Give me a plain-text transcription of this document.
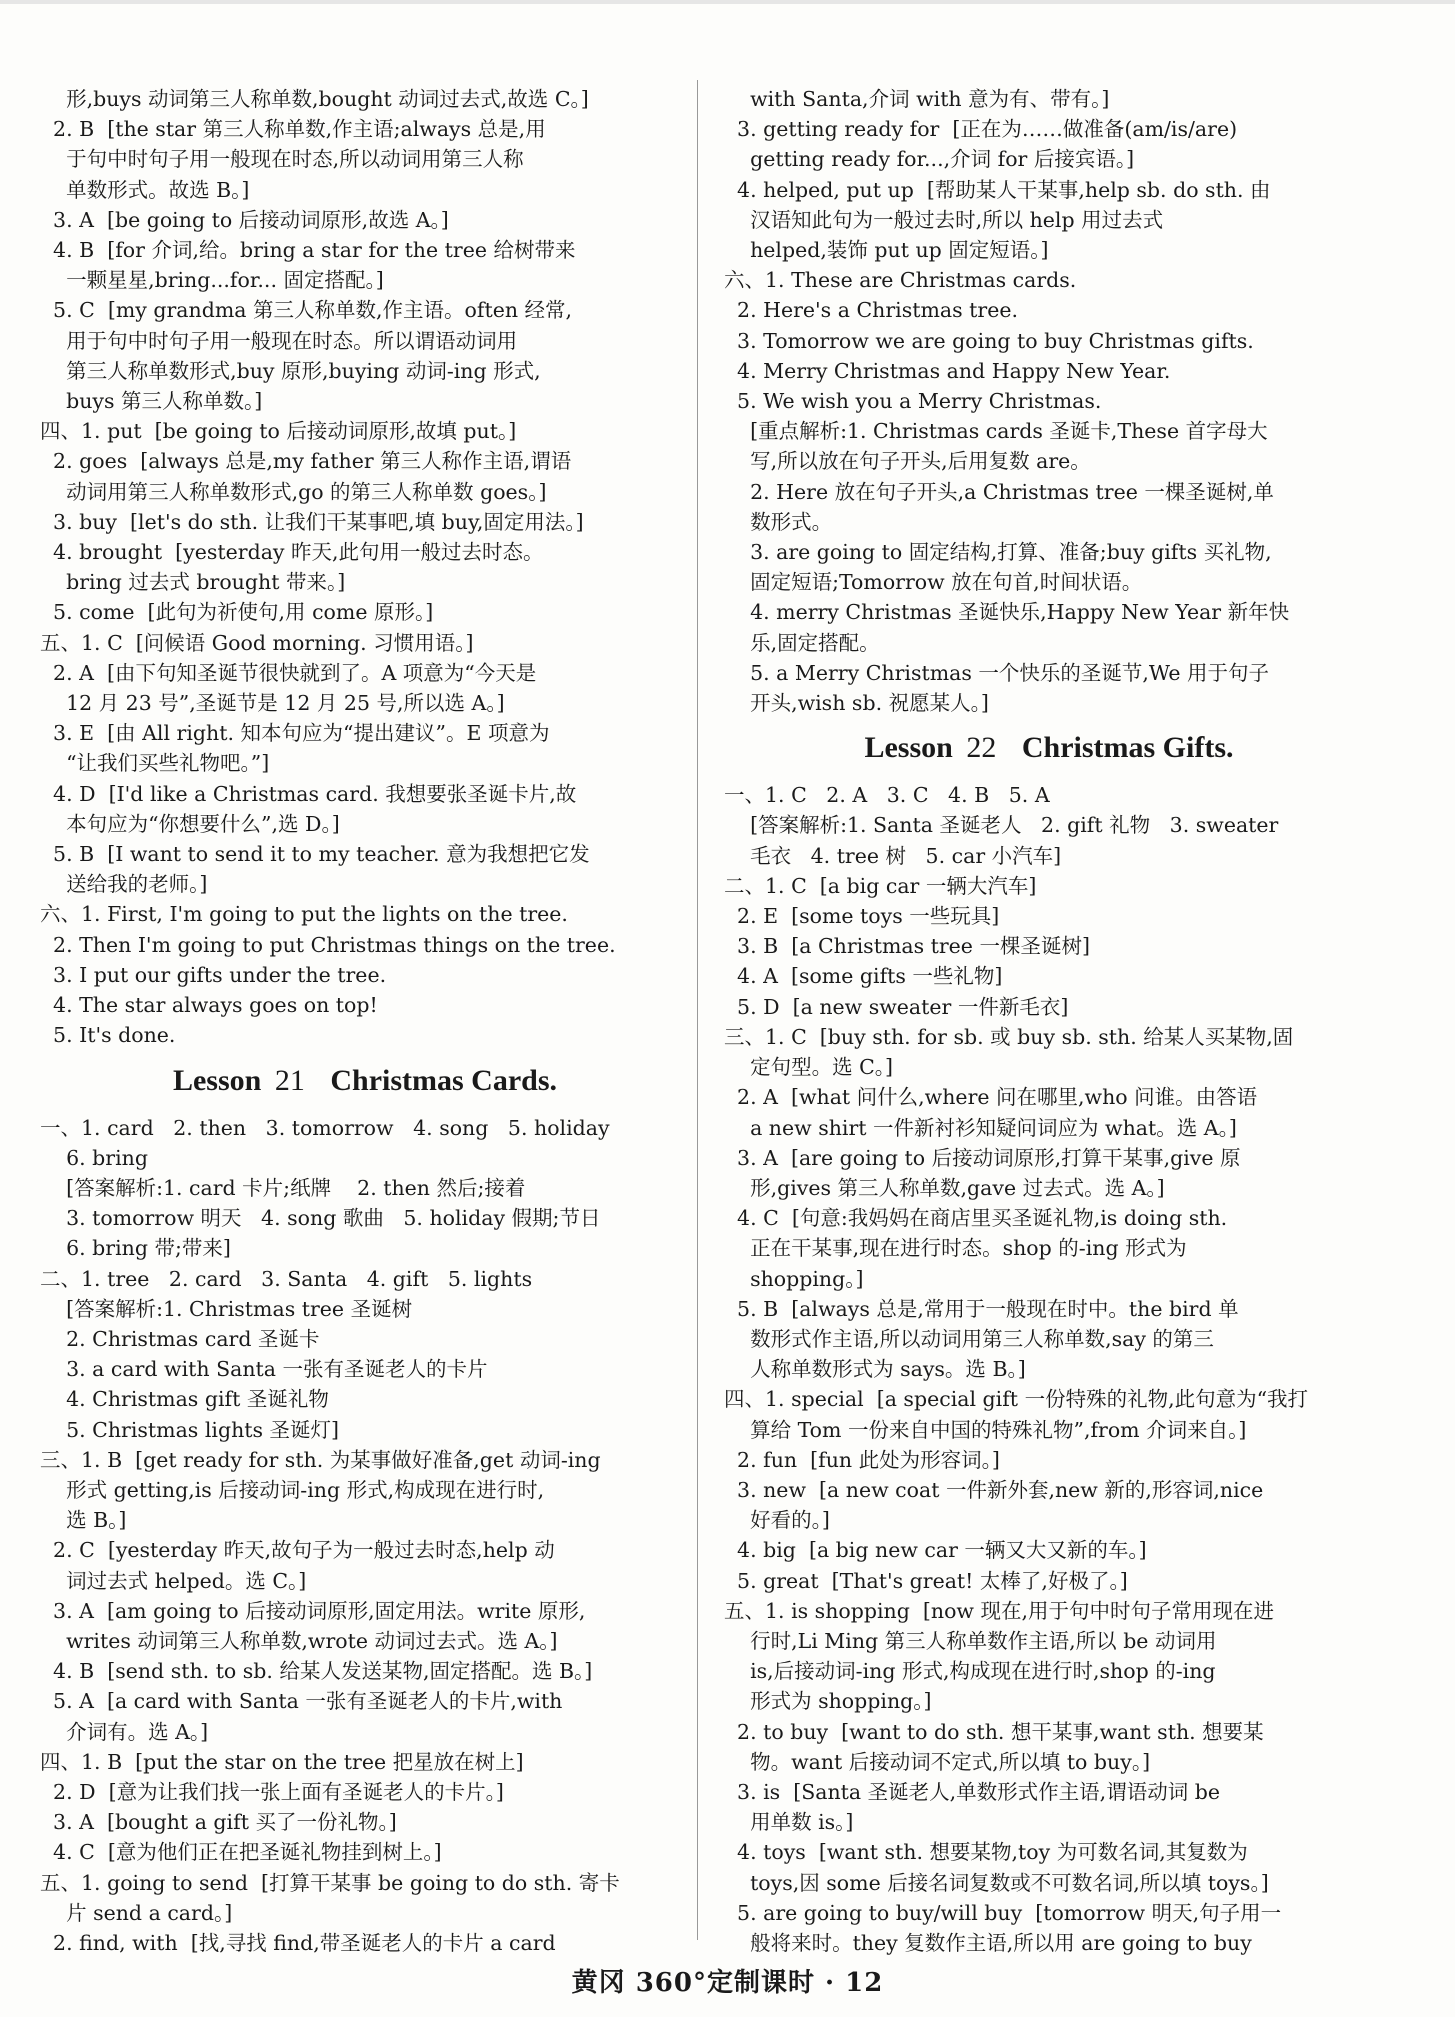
形,buys 动词第三人称单数,bought 动词过去式,故选 C。]
2. B  [the star 第三人称单数,作主语;always 总是,用
于句中时句子用一般现在时态,所以动词用第三人称
单数形式。故选 B。]
3. A  [be going to 后接动词原形,故选 A。]
4. B  [for 介词,给。bring a star for the tree 给树带来
一颗星星,bring...for... 固定搭配。]
5. C  [my grandma 第三人称单数,作主语。often 经常,
用于句中时句子用一般现在时态。所以谓语动词用
第三人称单数形式,buy 原形,buying 动词-ing 形式,
buys 第三人称单数。]
四、1. put  [be going to 后接动词原形,故填 put。]
2. goes  [always 总是,my father 第三人称作主语,谓语
动词用第三人称单数形式,go 的第三人称单数 goes。]
3. buy  [let's do sth. 让我们干某事吧,填 buy,固定用法。]
4. brought  [yesterday 昨天,此句用一般过去时态。
bring 过去式 brought 带来。]
5. come  [此句为祈使句,用 come 原形。]
五、1. C  [问候语 Good morning. 习惯用语。]
2. A  [由下句知圣诞节很快就到了。A 项意为“今天是
12 月 23 号”,圣诞节是 12 月 25 号,所以选 A。]
3. E  [由 All right. 知本句应为“提出建议”。E 项意为
“让我们买些礼物吧。”]
4. D  [I'd like a Christmas card. 我想要张圣诞卡片,故
本句应为“你想要什么”,选 D。]
5. B  [I want to send it to my teacher. 意为我想把它发
送给我的老师。]
六、1. First, I'm going to put the lights on the tree.
2. Then I'm going to put Christmas things on the tree.
3. I put our gifts under the tree.
4. The star always goes on top!
5. It's done.
Lesson 21 Christmas Cards.
一、1. card   2. then   3. tomorrow   4. song   5. holiday
6. bring
[答案解析:1. card 卡片;纸牌    2. then 然后;接着
3. tomorrow 明天   4. song 歌曲   5. holiday 假期;节日
6. bring 带;带来]
二、1. tree   2. card   3. Santa   4. gift   5. lights
[答案解析:1. Christmas tree 圣诞树
2. Christmas card 圣诞卡
3. a card with Santa 一张有圣诞老人的卡片
4. Christmas gift 圣诞礼物
5. Christmas lights 圣诞灯]
三、1. B  [get ready for sth. 为某事做好准备,get 动词-ing
形式 getting,is 后接动词-ing 形式,构成现在进行时,
选 B。]
2. C  [yesterday 昨天,故句子为一般过去时态,help 动
词过去式 helped。选 C。]
3. A  [am going to 后接动词原形,固定用法。write 原形,
writes 动词第三人称单数,wrote 动词过去式。选 A。]
4. B  [send sth. to sb. 给某人发送某物,固定搭配。选 B。]
5. A  [a card with Santa 一张有圣诞老人的卡片,with
介词有。选 A。]
四、1. B  [put the star on the tree 把星放在树上]
2. D  [意为让我们找一张上面有圣诞老人的卡片。]
3. A  [bought a gift 买了一份礼物。]
4. C  [意为他们正在把圣诞礼物挂到树上。]
五、1. going to send  [打算干某事 be going to do sth. 寄卡
片 send a card。]
2. find, with  [找,寻找 find,带圣诞老人的卡片 a card
with Santa,介词 with 意为有、带有。]
3. getting ready for  [正在为……做准备(am/is/are)
getting ready for...,介词 for 后接宾语。]
4. helped, put up  [帮助某人干某事,help sb. do sth. 由
汉语知此句为一般过去时,所以 help 用过去式
helped,装饰 put up 固定短语。]
六、1. These are Christmas cards.
2. Here's a Christmas tree.
3. Tomorrow we are going to buy Christmas gifts.
4. Merry Christmas and Happy New Year.
5. We wish you a Merry Christmas.
[重点解析:1. Christmas cards 圣诞卡,These 首字母大
写,所以放在句子开头,后用复数 are。
2. Here 放在句子开头,a Christmas tree 一棵圣诞树,单
数形式。
3. are going to 固定结构,打算、准备;buy gifts 买礼物,
固定短语;Tomorrow 放在句首,时间状语。
4. merry Christmas 圣诞快乐,Happy New Year 新年快
乐,固定搭配。
5. a Merry Christmas 一个快乐的圣诞节,We 用于句子
开头,wish sb. 祝愿某人。]
Lesson 22 Christmas Gifts.
一、1. C   2. A   3. C   4. B   5. A
[答案解析:1. Santa 圣诞老人   2. gift 礼物   3. sweater
毛衣   4. tree 树   5. car 小汽车]
二、1. C  [a big car 一辆大汽车]
2. E  [some toys 一些玩具]
3. B  [a Christmas tree 一棵圣诞树]
4. A  [some gifts 一些礼物]
5. D  [a new sweater 一件新毛衣]
三、1. C  [buy sth. for sb. 或 buy sb. sth. 给某人买某物,固
定句型。选 C。]
2. A  [what 问什么,where 问在哪里,who 问谁。由答语
a new shirt 一件新衬衫知疑问词应为 what。选 A。]
3. A  [are going to 后接动词原形,打算干某事,give 原
形,gives 第三人称单数,gave 过去式。选 A。]
4. C  [句意:我妈妈在商店里买圣诞礼物,is doing sth.
正在干某事,现在进行时态。shop 的-ing 形式为
shopping。]
5. B  [always 总是,常用于一般现在时中。the bird 单
数形式作主语,所以动词用第三人称单数,say 的第三
人称单数形式为 says。选 B。]
四、1. special  [a special gift 一份特殊的礼物,此句意为“我打
算给 Tom 一份来自中国的特殊礼物”,from 介词来自。]
2. fun  [fun 此处为形容词。]
3. new  [a new coat 一件新外套,new 新的,形容词,nice
好看的。]
4. big  [a big new car 一辆又大又新的车。]
5. great  [That's great! 太棒了,好极了。]
五、1. is shopping  [now 现在,用于句中时句子常用现在进
行时,Li Ming 第三人称单数作主语,所以 be 动词用
is,后接动词-ing 形式,构成现在进行时,shop 的-ing
形式为 shopping。]
2. to buy  [want to do sth. 想干某事,want sth. 想要某
物。want 后接动词不定式,所以填 to buy。]
3. is  [Santa 圣诞老人,单数形式作主语,谓语动词 be
用单数 is。]
4. toys  [want sth. 想要某物,toy 为可数名词,其复数为
toys,因 some 后接名词复数或不可数名词,所以填 toys。]
5. are going to buy/will buy  [tomorrow 明天,句子用一
般将来时。they 复数作主语,所以用 are going to buy
黄冈 360°定制课时 · 12
